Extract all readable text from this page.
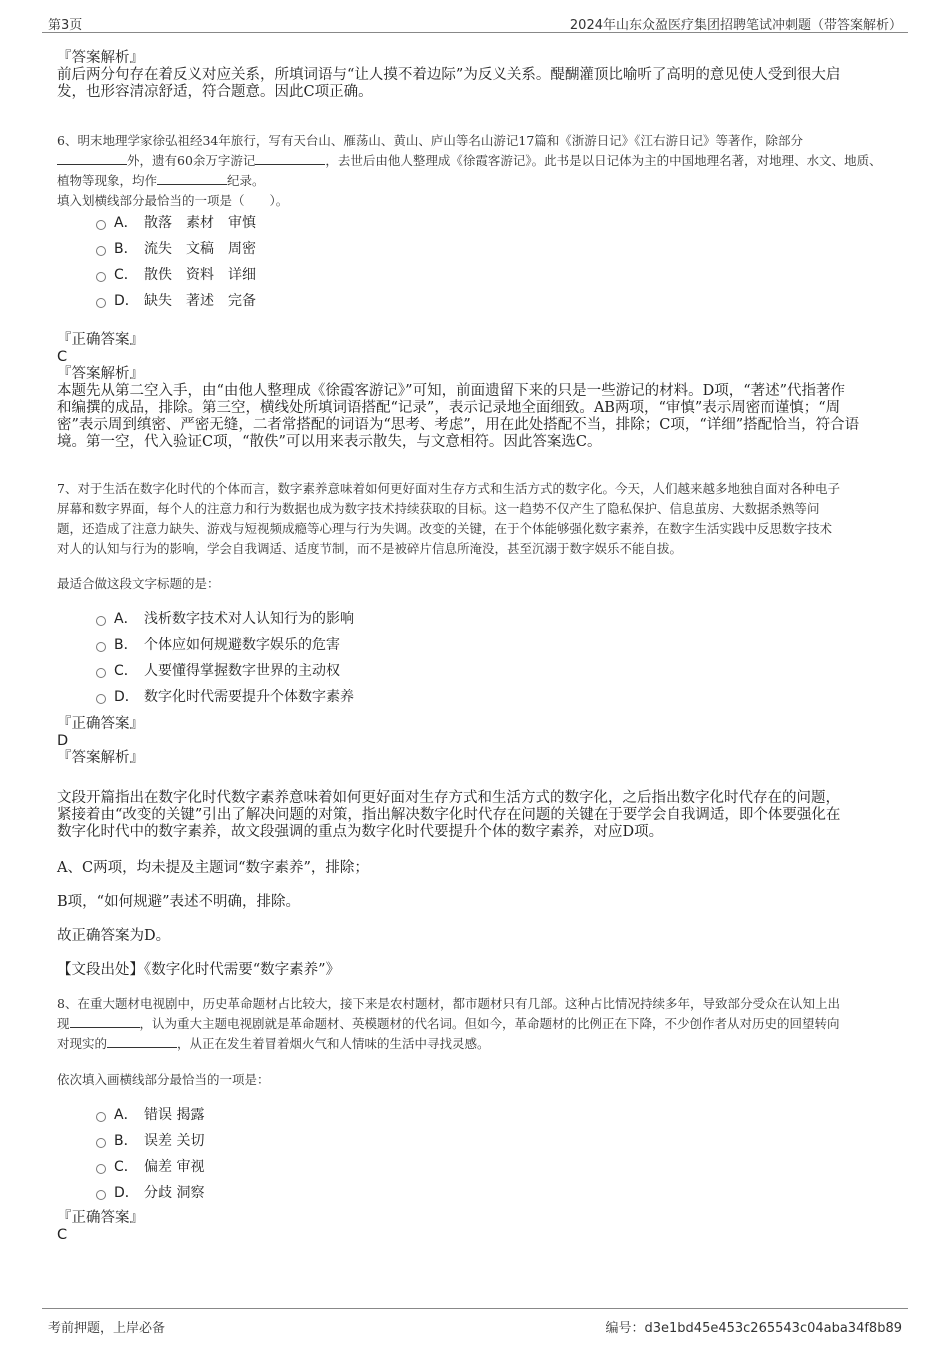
第3页	2024年山东众盈医疗集团招聘笔试冲刺题（带答案解析）
『答案解析』
前后两分句存在着反义对应关系，所填词语与“让人摸不着边际”为反义关系。醍醐灌顶比喻听了高明的意见使人受到很大启
发，也形容清凉舒适，符合题意。因此C项正确。
6、明末地理学家徐弘祖经34年旅行，写有天台山、雁荡山、黄山、庐山等名山游记17篇和《浙游日记》《江右游日记》等著作，除部分
外，遗有60余万字游记	，去世后由他人整理成《徐霞客游记》。此书是以日记体为主的中国地理名著，对地理、水文、地质、
植物等现象，均作	纪录。
填入划横线部分最恰当的一项是（　　）。
A． 散落　素材　审慎
B． 流失　文稿　周密
C． 散佚　资料　详细
D． 缺失　著述　完备
『正确答案』
C
『答案解析』
本题先从第二空入手，由“由他人整理成《徐霞客游记》”可知，前面遗留下来的只是一些游记的材料。D项，“著述”代指著作
和编撰的成品，排除。第三空，横线处所填词语搭配“记录”，表示记录地全面细致。AB两项，“审慎”表示周密而谨慎；“周
密”表示周到缜密、严密无缝，二者常搭配的词语为“思考、考虑”，用在此处搭配不当，排除；C项，“详细”搭配恰当，符合语
境。第一空，代入验证C项，“散佚”可以用来表示散失，与文意相符。因此答案选C。
7、对于生活在数字化时代的个体而言，数字素养意味着如何更好面对生存方式和生活方式的数字化。今天，人们越来越多地独自面对各种电子
屏幕和数字界面，每个人的注意力和行为数据也成为数字技术持续获取的目标。这一趋势不仅产生了隐私保护、信息茧房、大数据杀熟等问
题，还造成了注意力缺失、游戏与短视频成瘾等心理与行为失调。改变的关键，在于个体能够强化数字素养，在数字生活实践中反思数字技术
对人的认知与行为的影响，学会自我调适、适度节制，而不是被碎片信息所淹没，甚至沉溺于数字娱乐不能自拔。
最适合做这段文字标题的是：
A． 浅析数字技术对人认知行为的影响
B． 个体应如何规避数字娱乐的危害
C． 人要懂得掌握数字世界的主动权
D． 数字化时代需要提升个体数字素养
『正确答案』
D
『答案解析』
文段开篇指出在数字化时代数字素养意味着如何更好面对生存方式和生活方式的数字化，之后指出数字化时代存在的问题，
紧接着由“改变的关键”引出了解决问题的对策，指出解决数字化时代存在问题的关键在于要学会自我调适，即个体要强化在
数字化时代中的数字素养，故文段强调的重点为数字化时代要提升个体的数字素养，对应D项。
A、C两项，均未提及主题词“数字素养”，排除；
B项，“如何规避”表述不明确，排除。
故正确答案为D。
【文段出处】《数字化时代需要“数字素养”》
8、在重大题材电视剧中，历史革命题材占比较大，接下来是农村题材，都市题材只有几部。这种占比情况持续多年，导致部分受众在认知上出
现	，认为重大主题电视剧就是革命题材、英模题材的代名词。但如今，革命题材的比例正在下降，不少创作者从对历史的回望转向
对现实的	，从正在发生着冒着烟火气和人情味的生活中寻找灵感。
依次填入画横线部分最恰当的一项是：
A． 错误 揭露
B． 误差 关切
C． 偏差 审视
D． 分歧 洞察
『正确答案』
C
考前押题，上岸必备	编号：d3e1bd45e453c265543c04aba34f8b89
